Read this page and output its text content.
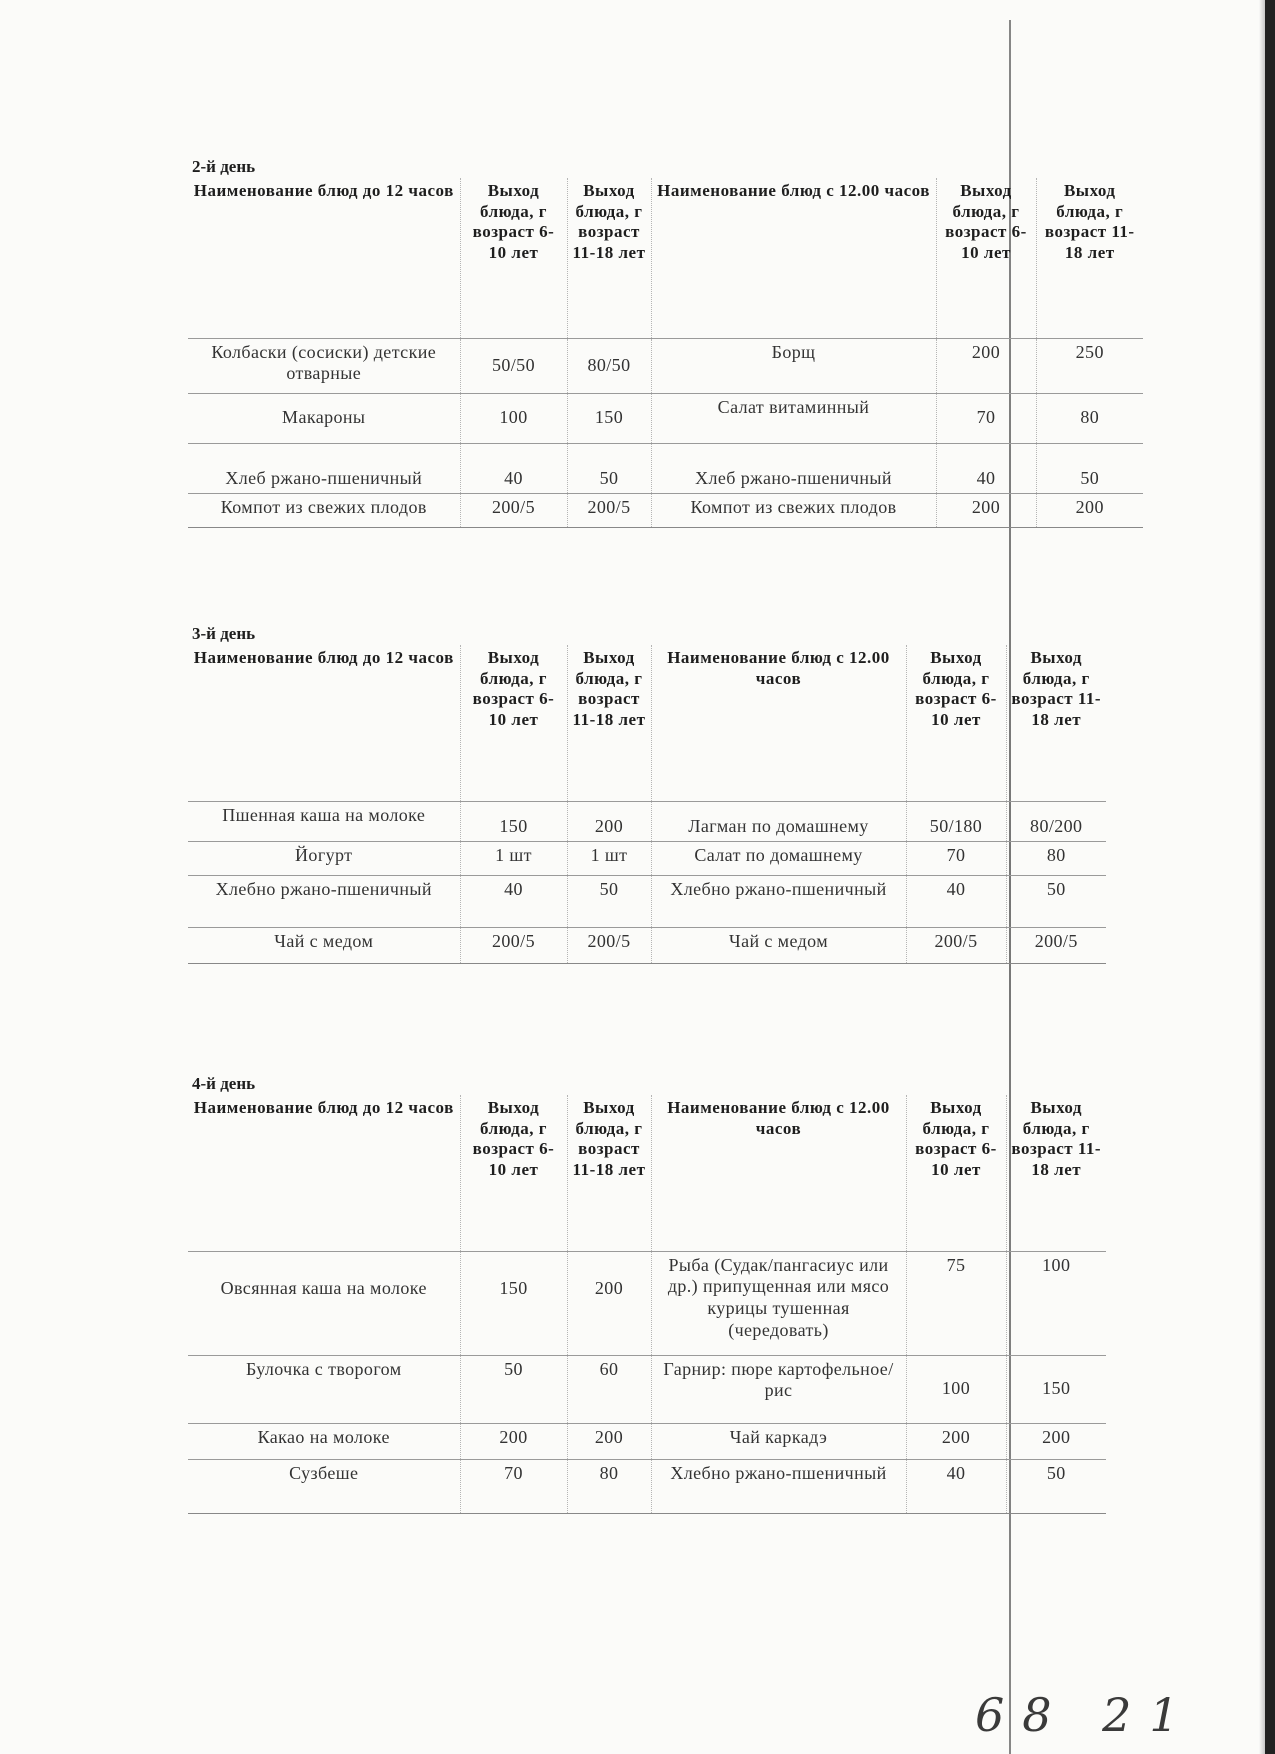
2-й день
Наименование блюд до 12 часов	Выход блюда, г возраст 6-10 лет	Выход блюда, г возраст 11-18 лет	Наименование блюд с 12.00 часов	Выход блюда, г возраст 6-10 лет	Выход блюда, г возраст 11-18 лет
Колбаски (сосиски) детские отварные	50/50	80/50	Борщ	200	250
Макароны	100	150	Салат витаминный	70	80
Хлеб ржано-пшеничный	40	50	Хлеб ржано-пшеничный	40	50
Компот из свежих плодов	200/5	200/5	Компот из свежих плодов	200	200
3-й день
Наименование блюд до 12 часов	Выход блюда, г возраст 6-10 лет	Выход блюда, г возраст 11-18 лет	Наименование блюд с 12.00 часов	Выход блюда, г возраст 6-10 лет	Выход блюда, г возраст 11-18 лет
Пшенная каша на молоке	150	200	Лагман по домашнему	50/180	80/200
Йогурт	1 шт	1 шт	Салат по домашнему	70	80
Хлебно ржано-пшеничный	40	50	Хлебно ржано-пшеничный	40	50
Чай с медом	200/5	200/5	Чай с медом	200/5	200/5
4-й день
Наименование блюд до 12 часов	Выход блюда, г возраст 6-10 лет	Выход блюда, г возраст 11-18 лет	Наименование блюд с 12.00 часов	Выход блюда, г возраст 6-10 лет	Выход блюда, г возраст 11-18 лет
Овсянная каша на молоке	150	200	Рыба (Судак/пангасиус или др.) припущенная или мясо курицы тушенная (чередовать)	75	100
Булочка с творогом	50	60	Гарнир: пюре картофельное/рис	100	150
Какао на молоке	200	200	Чай каркадэ	200	200
Сузбеше	70	80	Хлебно ржано-пшеничный	40	50
68 21
